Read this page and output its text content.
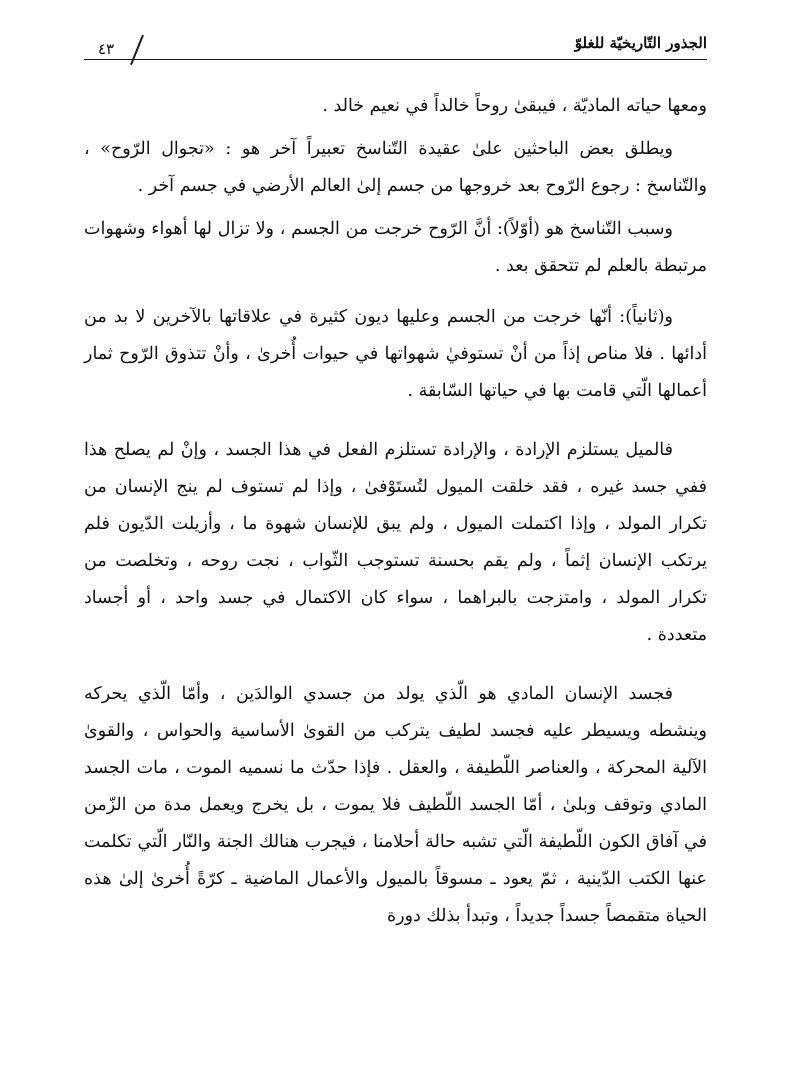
الجذور التّاريخيّة للغلوّ
٤٣

ومعها حياته الماديّة ، فيبقىٰ روحاً خالداً في نعيم خالد .

ويطلق بعض الباحثين علىٰ عقيدة التّناسخ تعبيراً آخر هو : «تجوال الرّوح» ، والتّناسخ : رجوع الرّوح بعد خروجها من جسم إلىٰ العالم الأرضي في جسم آخر .

وسبب التّناسخ هو (أوّلاً): أنَّ الرّوح خرجت من الجسم ، ولا تزال لها أهواء وشهوات مرتبطة بالعلم لم تتحقق بعد .

و(ثانياً): أنّها خرجت من الجسم وعليها ديون كثيرة في علاقاتها بالآخرين لا بد من أدائها . فلا مناص إذاً من أنْ تستوفيٰ شهواتها في حيوات أُخرىٰ ، وأنْ تتذوق الرّوح ثمار أعمالها الّتي قامت بها في حياتها السّابقة .

فالميل يستلزم الإرادة ، والإرادة تستلزم الفعل في هذا الجسد ، وإنْ لم يصلح هذا ففي جسد غيره ، فقد خلقت الميول لتُستَوْفىٰ ، وإذا لم تستوف لم ينج الإنسان من تكرار المولد ، وإذا اكتملت الميول ، ولم يبق للإنسان شهوة ما ، وأزيلت الدّيون فلم يرتكب الإنسان إثماً ، ولم يقم بحسنة تستوجب الثّواب ، نجت روحه ، وتخلصت من تكرار المولد ، وامتزجت بالبراهما ، سواء كان الاكتمال في جسد واحد ، أو أجساد متعددة .

فجسد الإنسان المادي هو الّذي يولد من جسدي الوالدَين ، وأمّا الّذي يحركه وينشطه ويسيطر عليه فجسد لطيف يتركب من القوىٰ الأساسية والحواس ، والقوىٰ الآلية المحركة ، والعناصر اللّطيفة ، والعقل . فإذا حدّث ما نسميه الموت ، مات الجسد المادي وتوقف وبلىٰ ، أمّا الجسد اللّطيف فلا يموت ، بل يخرج ويعمل مدة من الزّمن في آفاق الكون اللّطيفة الّتي تشبه حالة أحلامنا ، فيجرب هنالك الجنة والنّار الّتي تكلمت عنها الكتب الدّينية ، ثمّ يعود ـ مسوقاً بالميول والأعمال الماضية ـ كرّةً أُخرىٰ إلىٰ هذه الحياة متقمصاً جسداً جديداً ، وتبدأ بذلك دورة
